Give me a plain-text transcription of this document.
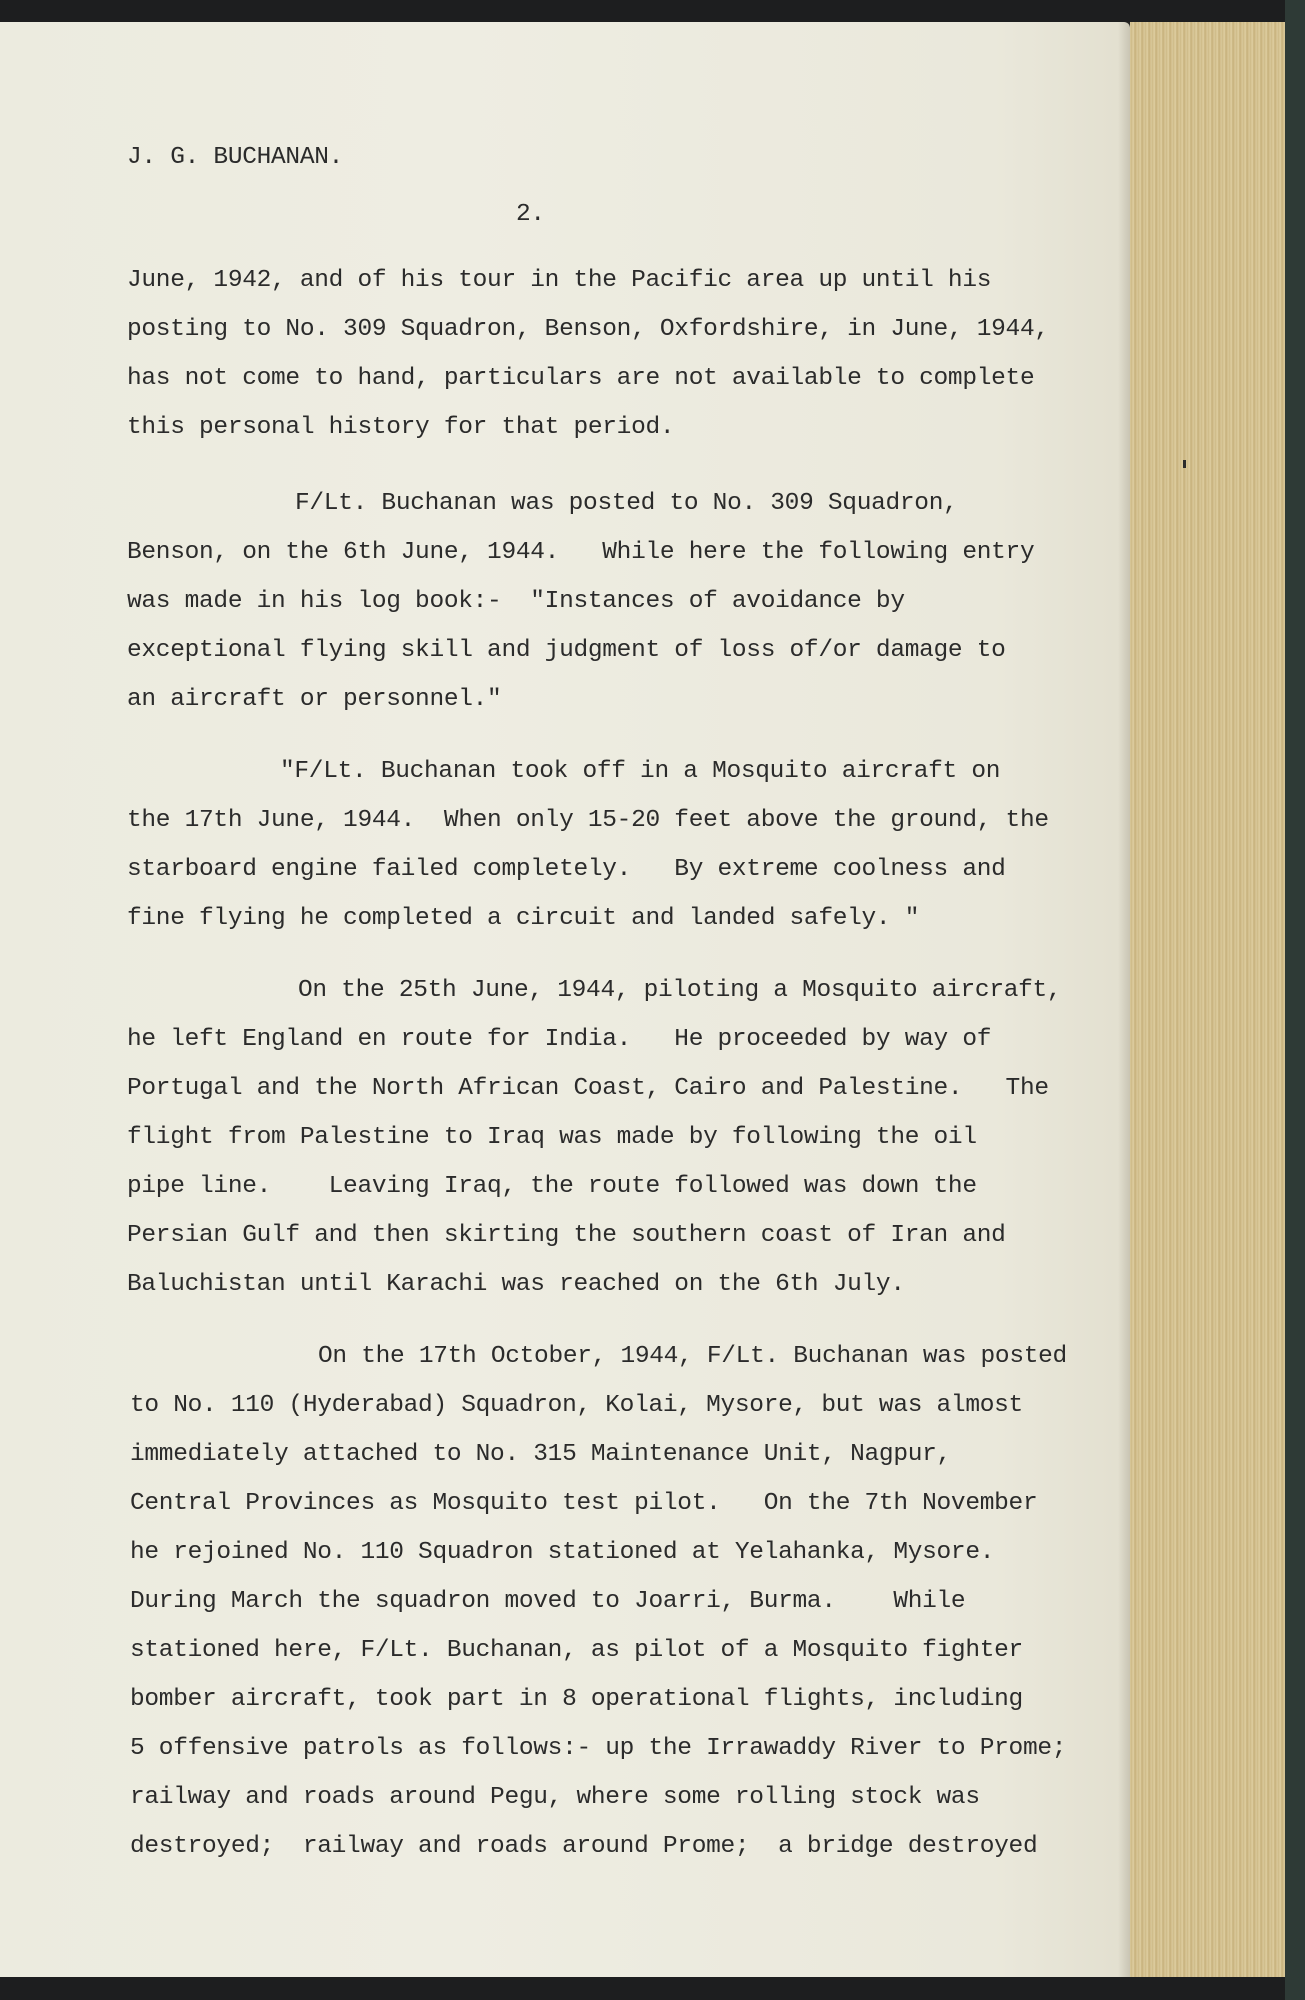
J. G. BUCHANAN.
2.
June, 1942, and of his tour in the Pacific area up until his
posting to No. 309 Squadron, Benson, Oxfordshire, in June, 1944,
has not come to hand, particulars are not available to complete
this personal history for that period.
F/Lt. Buchanan was posted to No. 309 Squadron,
Benson, on the 6th June, 1944.   While here the following entry
was made in his log book:-  "Instances of avoidance by
exceptional flying skill and judgment of loss of/or damage to
an aircraft or personnel."
"F/Lt. Buchanan took off in a Mosquito aircraft on
the 17th June, 1944.  When only 15-20 feet above the ground, the
starboard engine failed completely.   By extreme coolness and
fine flying he completed a circuit and landed safely. "
On the 25th June, 1944, piloting a Mosquito aircraft,
he left England en route for India.   He proceeded by way of
Portugal and the North African Coast, Cairo and Palestine.   The
flight from Palestine to Iraq was made by following the oil
pipe line.    Leaving Iraq, the route followed was down the
Persian Gulf and then skirting the southern coast of Iran and
Baluchistan until Karachi was reached on the 6th July.
On the 17th October, 1944, F/Lt. Buchanan was posted
to No. 110 (Hyderabad) Squadron, Kolai, Mysore, but was almost
immediately attached to No. 315 Maintenance Unit, Nagpur,
Central Provinces as Mosquito test pilot.   On the 7th November
he rejoined No. 110 Squadron stationed at Yelahanka, Mysore.
During March the squadron moved to Joarri, Burma.    While
stationed here, F/Lt. Buchanan, as pilot of a Mosquito fighter
bomber aircraft, took part in 8 operational flights, including
5 offensive patrols as follows:- up the Irrawaddy River to Prome;
railway and roads around Pegu, where some rolling stock was
destroyed;  railway and roads around Prome;  a bridge destroyed
